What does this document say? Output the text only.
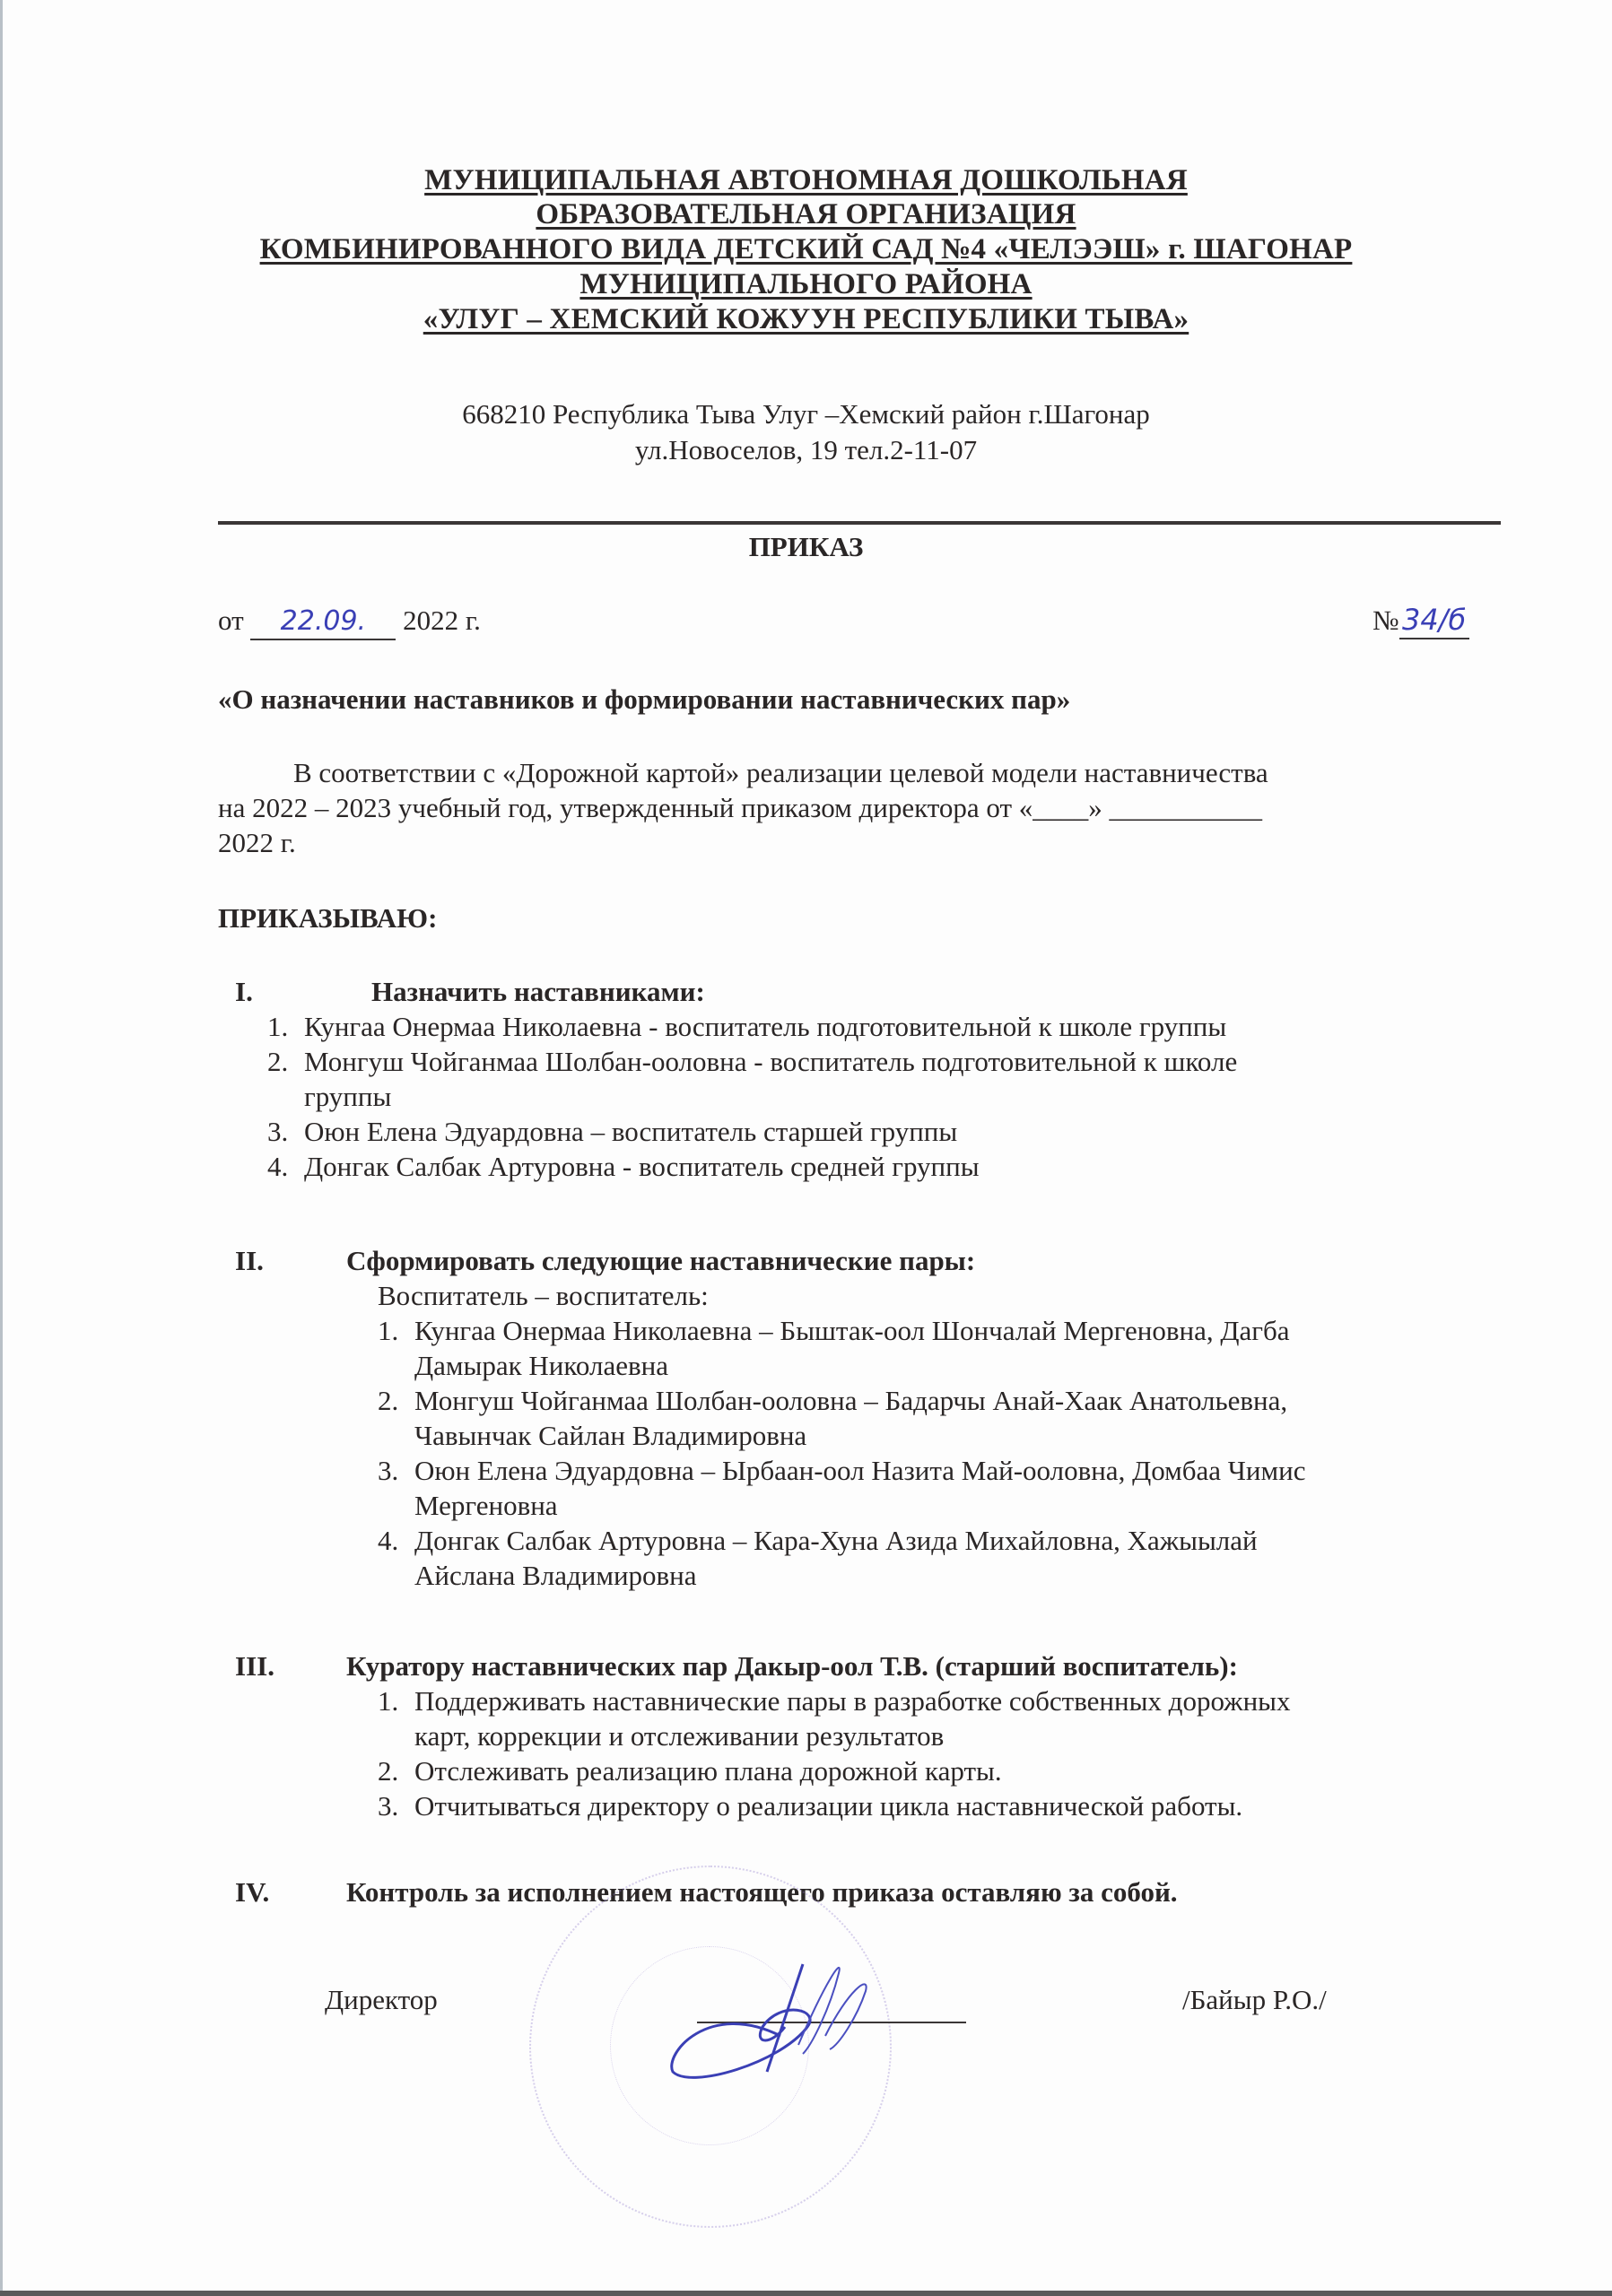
МУНИЦИПАЛЬНАЯ АВТОНОМНАЯ ДОШКОЛЬНАЯ
ОБРАЗОВАТЕЛЬНАЯ ОРГАНИЗАЦИЯ
КОМБИНИРОВАННОГО ВИДА ДЕТСКИЙ САД №4 «ЧЕЛЭЭШ» г. ШАГОНАР
МУНИЦИПАЛЬНОГО РАЙОНА
«УЛУГ – ХЕМСКИЙ КОЖУУН РЕСПУБЛИКИ ТЫВА»
668210 Республика Тыва Улуг –Хемский район г.Шагонар
ул.Новоселов, 19 тел.2-11-07
ПРИКАЗ
от 22.09. 2022 г.	№ 34/б
«О назначении наставников и формировании наставнических пар»
В соответствии с «Дорожной картой» реализации целевой модели наставничества
на 2022 – 2023 учебный год, утвержденный приказом директора от «____» ___________
2022 г.
ПРИКАЗЫВАЮ:
I.	Назначить наставниками:
1. Кунгаа Онермаа Николаевна - воспитатель подготовительной к школе группы
2. Монгуш Чойганмаа Шолбан-ооловна - воспитатель подготовительной к школе
группы
3. Оюн Елена Эдуардовна – воспитатель старшей группы
4. Донгак Салбак Артуровна - воспитатель средней группы
II.	Сформировать следующие наставнические пары:
Воспитатель – воспитатель:
1. Кунгаа Онермаа Николаевна – Быштак-оол Шончалай Мергеновна, Дагба
Дамырак Николаевна
2. Монгуш Чойганмаа Шолбан-ооловна – Бадарчы Анай-Хаак Анатольевна,
Чавынчак Сайлан Владимировна
3. Оюн Елена Эдуардовна – Ырбаан-оол Назита Май-ооловна, Домбаа Чимис
Мергеновна
4. Донгак Салбак Артуровна – Кара-Хуна Азида Михайловна, Хажыылай
Айслана Владимировна
III.	Куратору наставнических пар Дакыр-оол Т.В. (старший воспитатель):
1. Поддерживать наставнические пары в разработке собственных дорожных
карт, коррекции и отслеживании результатов
2. Отслеживать реализацию плана дорожной карты.
3. Отчитываться директору о реализации цикла наставнической работы.
IV.	Контроль за исполнением настоящего приказа оставляю за собой.
Директор	/Байыр Р.О./
